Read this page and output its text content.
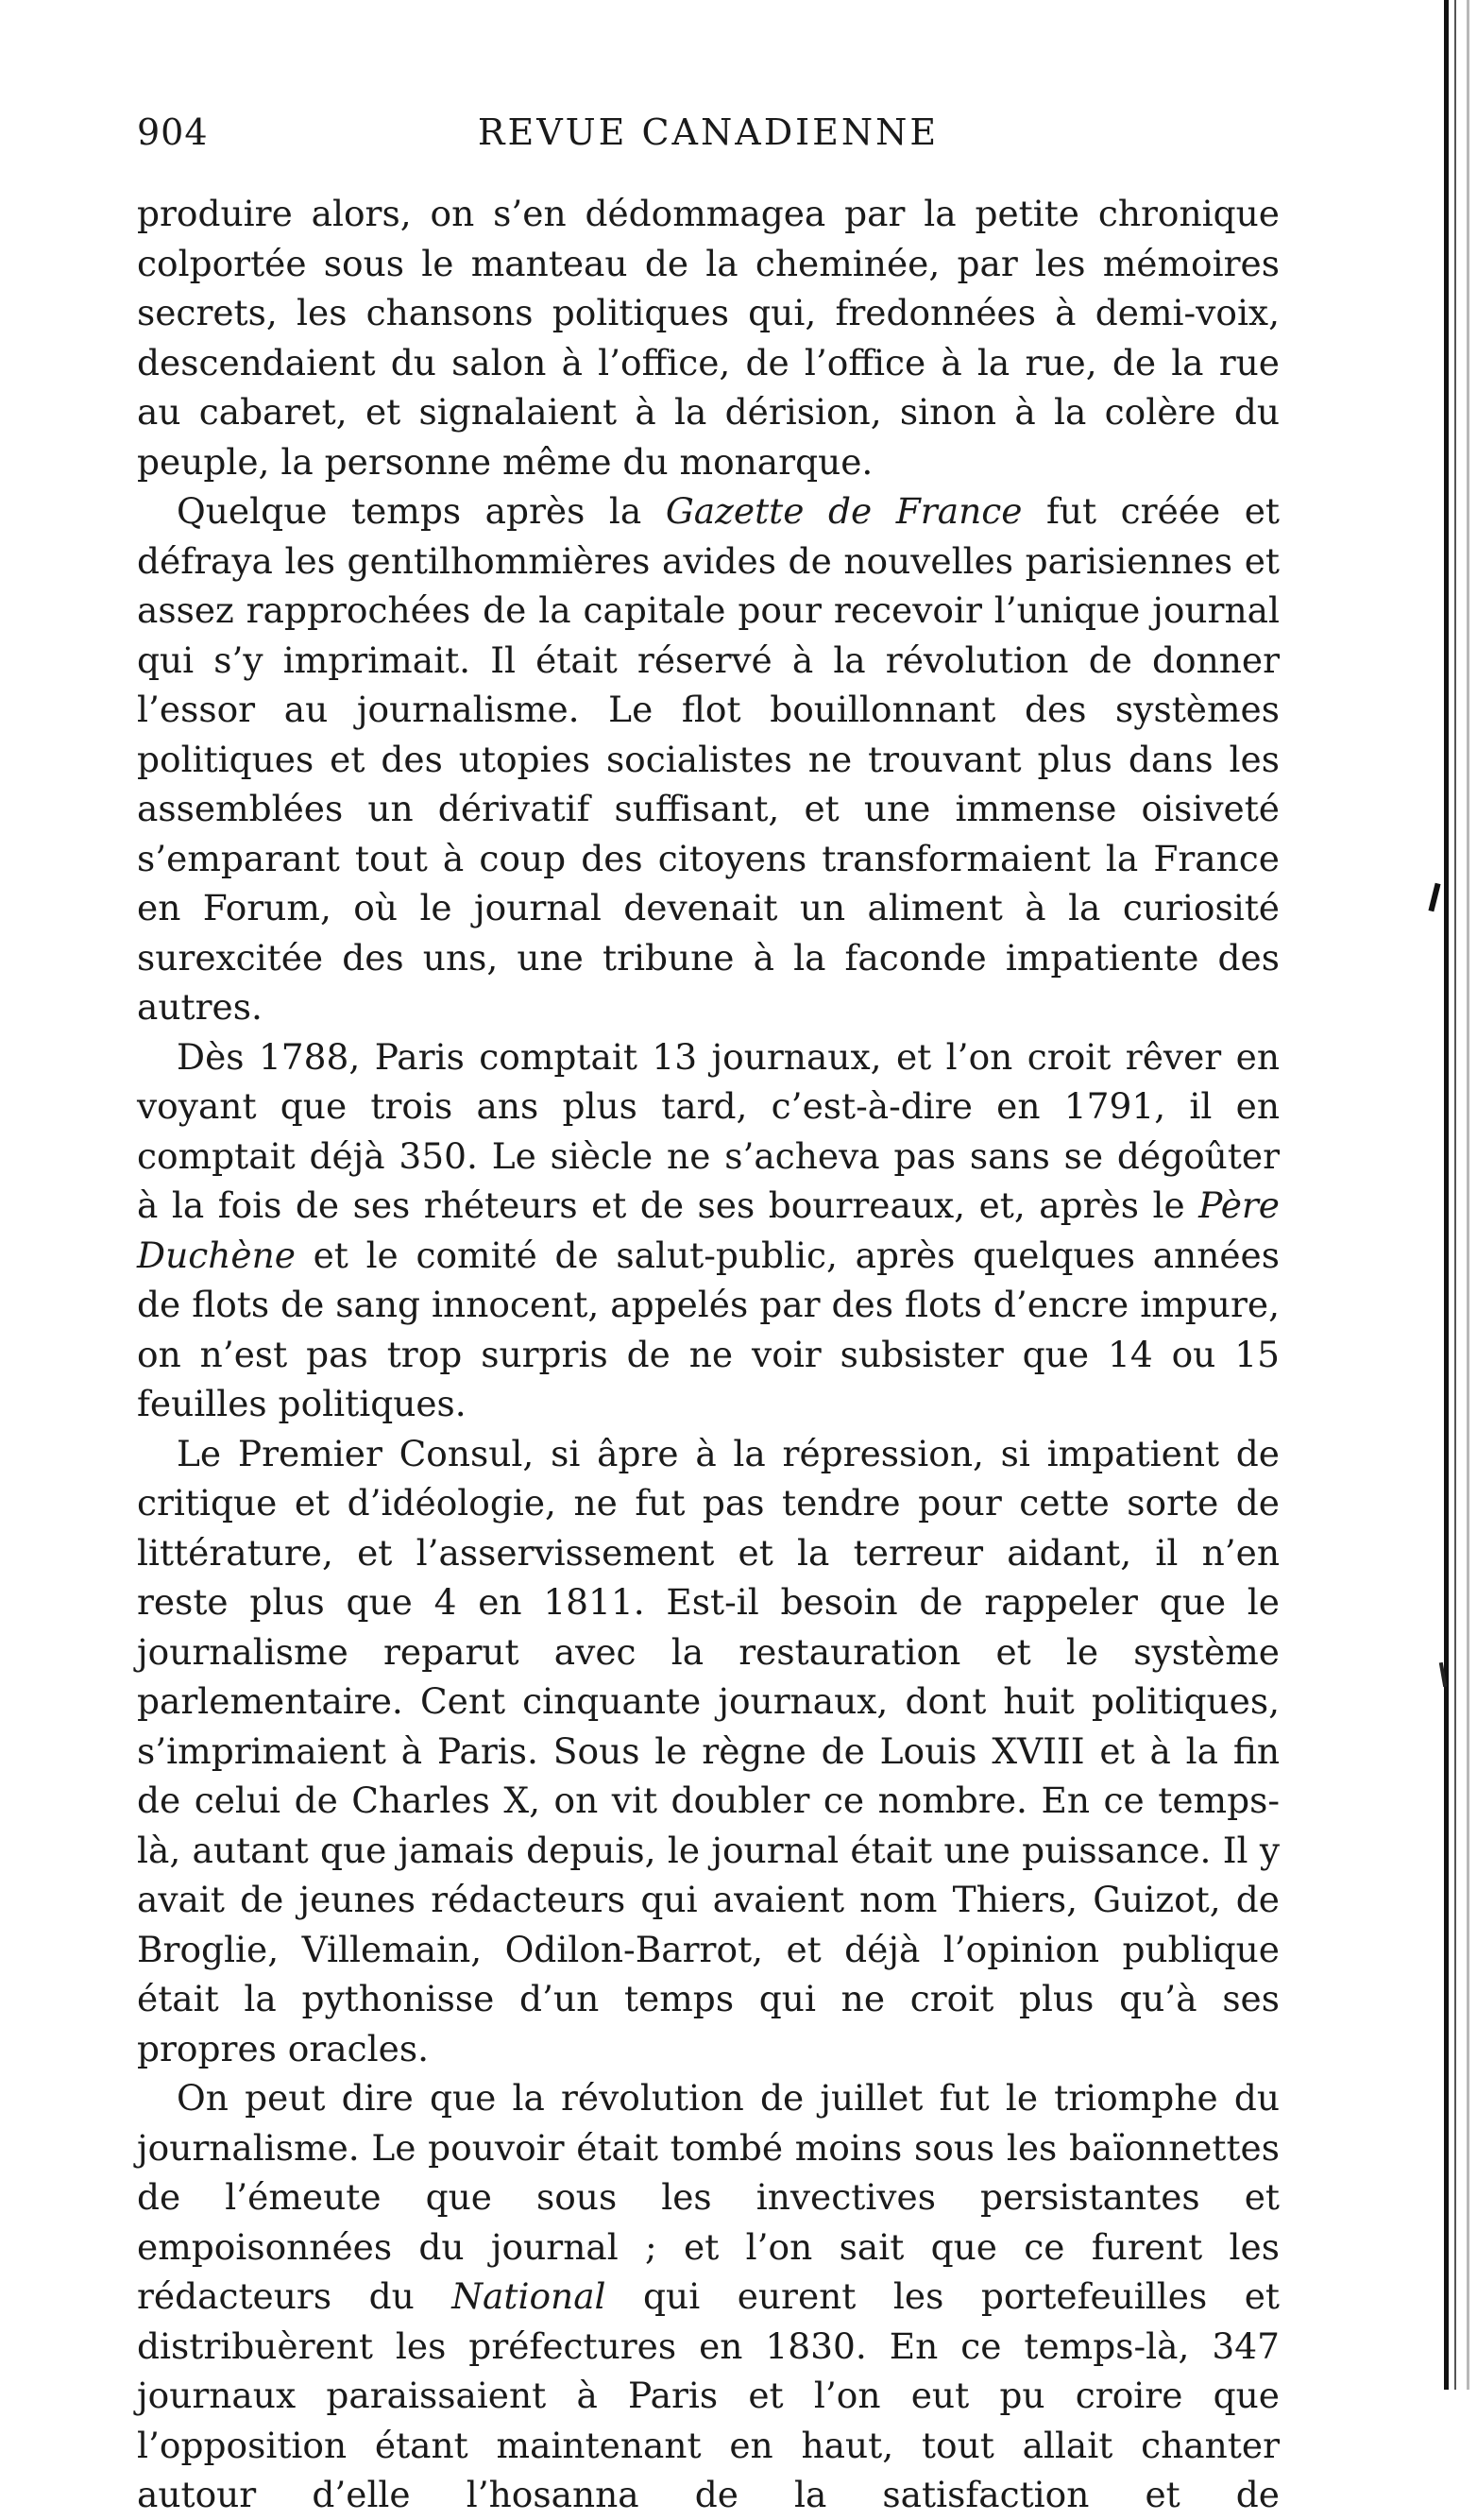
904	REVUE CANADIENNE

produire alors, on s’en dédommagea par la petite chronique colportée sous le manteau de la cheminée, par les mémoires secrets, les chansons politiques qui, fredonnées à demi-voix, descendaient du salon à l’office, de l’office à la rue, de la rue au cabaret, et signalaient à la dérision, sinon à la colère du peuple, la personne même du monarque.

Quelque temps après la Gazette de France fut créée et défraya les gentilhommières avides de nouvelles parisiennes et assez rapprochées de la capitale pour recevoir l’unique journal qui s’y imprimait. Il était réservé à la révolution de donner l’essor au journalisme. Le flot bouillonnant des systèmes politiques et des utopies socialistes ne trouvant plus dans les assemblées un dérivatif suffisant, et une immense oisiveté s’emparant tout à coup des citoyens transformaient la France en Forum, où le journal devenait un aliment à la curiosité surexcitée des uns, une tribune à la faconde impatiente des autres.

Dès 1788, Paris comptait 13 journaux, et l’on croit rêver en voyant que trois ans plus tard, c’est-à-dire en 1791, il en comptait déjà 350. Le siècle ne s’acheva pas sans se dégoûter à la fois de ses rhéteurs et de ses bourreaux, et, après le Père Duchène et le comité de salut-public, après quelques années de flots de sang innocent, appelés par des flots d’encre impure, on n’est pas trop surpris de ne voir subsister que 14 ou 15 feuilles politiques.

Le Premier Consul, si âpre à la répression, si impatient de critique et d’idéologie, ne fut pas tendre pour cette sorte de littérature, et l’asservissement et la terreur aidant, il n’en reste plus que 4 en 1811. Est-il besoin de rappeler que le journalisme reparut avec la restauration et le système parlementaire. Cent cinquante journaux, dont huit politiques, s’imprimaient à Paris. Sous le règne de Louis XVIII et à la fin de celui de Charles X, on vit doubler ce nombre. En ce temps-là, autant que jamais depuis, le journal était une puissance. Il y avait de jeunes rédacteurs qui avaient nom Thiers, Guizot, de Broglie, Villemain, Odilon-Barrot, et déjà l’opinion publique était la pythonisse d’un temps qui ne croit plus qu’à ses propres oracles.

On peut dire que la révolution de juillet fut le triomphe du journalisme. Le pouvoir était tombé moins sous les baïonnettes de l’émeute que sous les invectives persistantes et empoisonnées du journal ; et l’on sait que ce furent les rédacteurs du National qui eurent les portefeuilles et distribuèrent les préfectures en 1830. En ce temps-là, 347 journaux paraissaient à Paris et l’on eut pu croire que l’opposition étant maintenant en haut, tout allait chanter autour d’elle l’hosanna de la satisfaction et de
